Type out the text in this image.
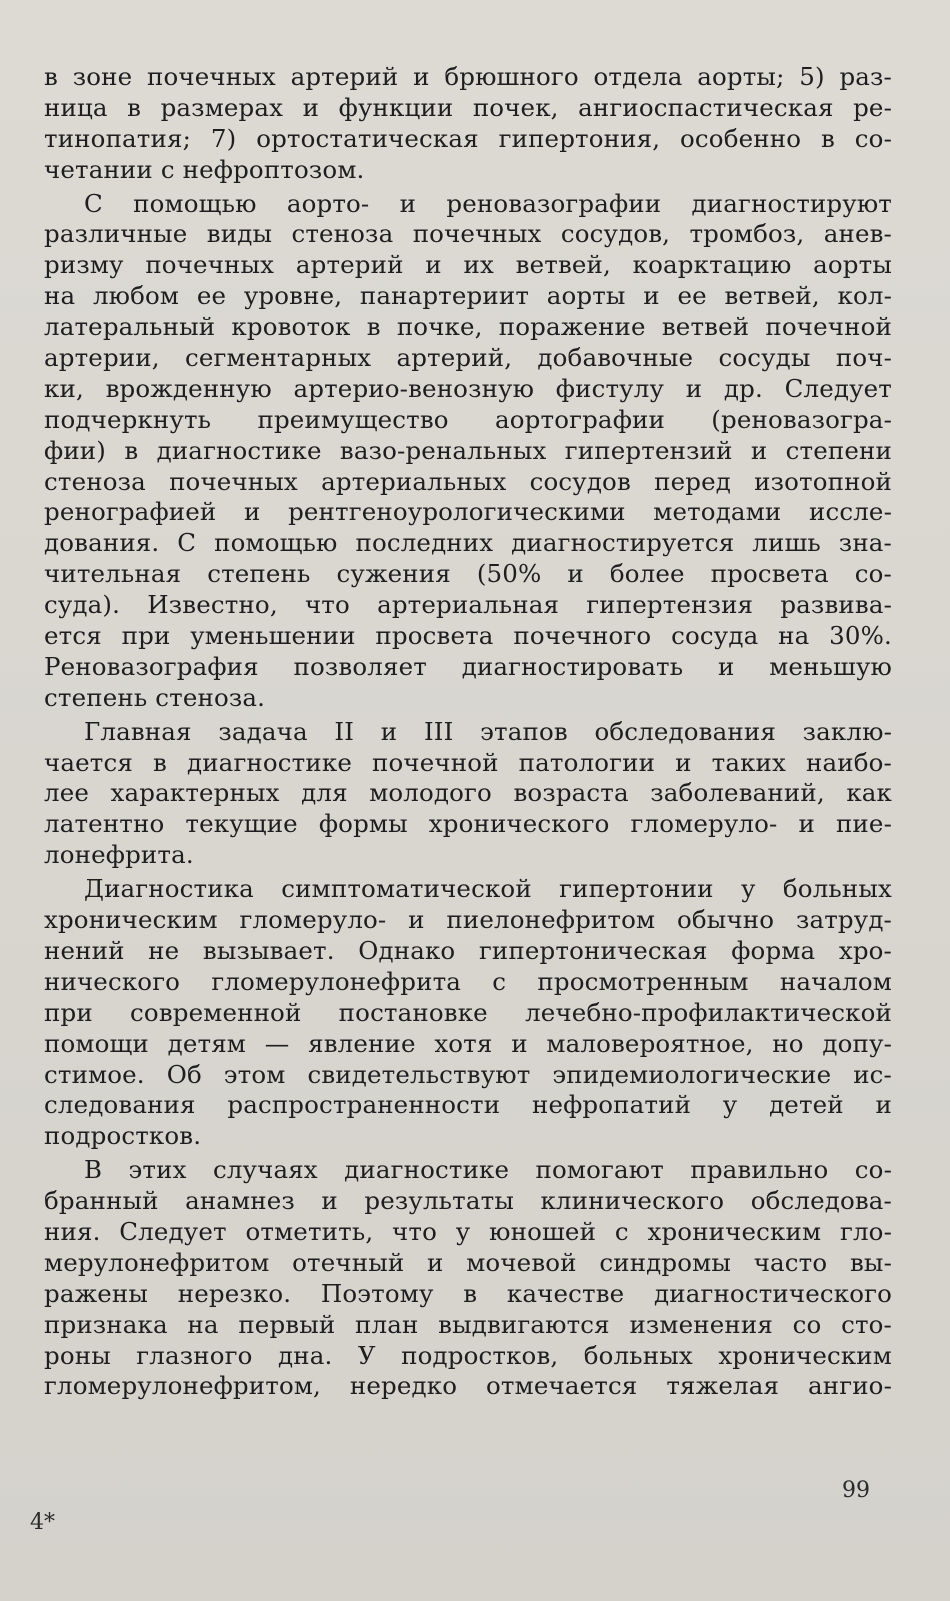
в зоне почечных артерий и брюшного отдела аорты; 5) раз-
ница в размерах и функции почек, ангиоспастическая ре-
тинопатия; 7) ортостатическая гипертония, особенно в со-
четании с нефроптозом.
С помощью аорто- и реновазографии диагностируют
различные виды стеноза почечных сосудов, тромбоз, анев-
ризму почечных артерий и их ветвей, коарктацию аорты
на любом ее уровне, панартериит аорты и ее ветвей, кол-
латеральный кровоток в почке, поражение ветвей почечной
артерии, сегментарных артерий, добавочные сосуды поч-
ки, врожденную артерио-венозную фистулу и др. Следует
подчеркнуть преимущество аортографии (реновазогра-
фии) в диагностике вазо-ренальных гипертензий и степени
стеноза почечных артериальных сосудов перед изотопной
ренографией и рентгеноурологическими методами иссле-
дования. С помощью последних диагностируется лишь зна-
чительная степень сужения (50% и более просвета со-
суда). Известно, что артериальная гипертензия развива-
ется при уменьшении просвета почечного сосуда на 30%.
Реновазография позволяет диагностировать и меньшую
степень стеноза.
Главная задача II и III этапов обследования заклю-
чается в диагностике почечной патологии и таких наибо-
лее характерных для молодого возраста заболеваний, как
латентно текущие формы хронического гломеруло- и пие-
лонефрита.
Диагностика симптоматической гипертонии у больных
хроническим гломеруло- и пиелонефритом обычно затруд-
нений не вызывает. Однако гипертоническая форма хро-
нического гломерулонефрита с просмотренным началом
при современной постановке лечебно-профилактической
помощи детям — явление хотя и маловероятное, но допу-
стимое. Об этом свидетельствуют эпидемиологические ис-
следования распространенности нефропатий у детей и
подростков.
В этих случаях диагностике помогают правильно со-
бранный анамнез и результаты клинического обследова-
ния. Следует отметить, что у юношей с хроническим гло-
мерулонефритом отечный и мочевой синдромы часто вы-
ражены нерезко. Поэтому в качестве диагностического
признака на первый план выдвигаются изменения со сто-
роны глазного дна. У подростков, больных хроническим
гломерулонефритом, нередко отмечается тяжелая ангио-
99
4*
